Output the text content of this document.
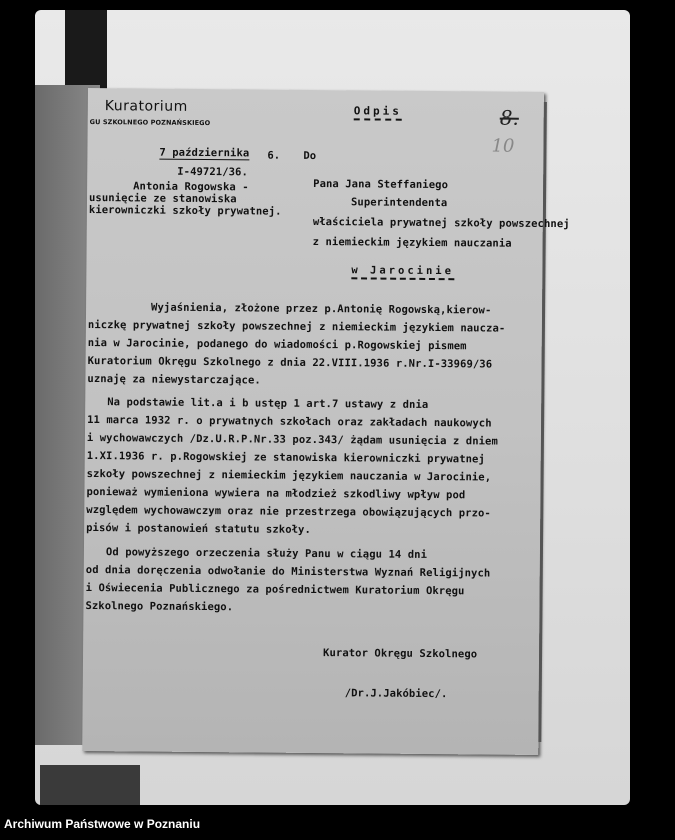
Kuratorium
GU SZKOLNEGO POZNAŃSKIEGO
Odpis	8.
10
7 października 6.
I-49721/36.
Antonia Rogowska -
usunięcie ze stanowiska
kierowniczki szkoły prywatnej.
Do
Pana Jana Steffaniego
Superintendenta
właściciela prywatnej szkoły powszechnej
z niemieckim językiem nauczania
w Jarocinie
Wyjaśnienia, złożone przez p.Antonię Rogowską,kierow-
niczkę prywatnej szkoły powszechnej z niemieckim językiem naucza-
nia w Jarocinie, podanego do wiadomości p.Rogowskiej pismem
Kuratorium Okręgu Szkolnego z dnia 22.VIII.1936 r.Nr.I-33969/36
uznaję za niewystarczające.
Na podstawie lit.a i b ustęp 1 art.7 ustawy z dnia
11 marca 1932 r. o prywatnych szkołach oraz zakładach naukowych
i wychowawczych /Dz.U.R.P.Nr.33 poz.343/ żądam usunięcia z dniem
1.XI.1936 r. p.Rogowskiej ze stanowiska kierowniczki prywatnej
szkoły powszechnej z niemieckim językiem nauczania w Jarocinie,
ponieważ wymieniona wywiera na młodzież szkodliwy wpływ pod
względem wychowawczym oraz nie przestrzega obowiązujących przo-
pisów i postanowień statutu szkoły.
Od powyższego orzeczenia służy Panu w ciągu 14 dni
od dnia doręczenia odwołanie do Ministerstwa Wyznań Religijnych
i Oświecenia Publicznego za pośrednictwem Kuratorium Okręgu
Szkolnego Poznańskiego.
Kurator Okręgu Szkolnego
/Dr.J.Jakóbiec/.
Archiwum Państwowe w Poznaniu
